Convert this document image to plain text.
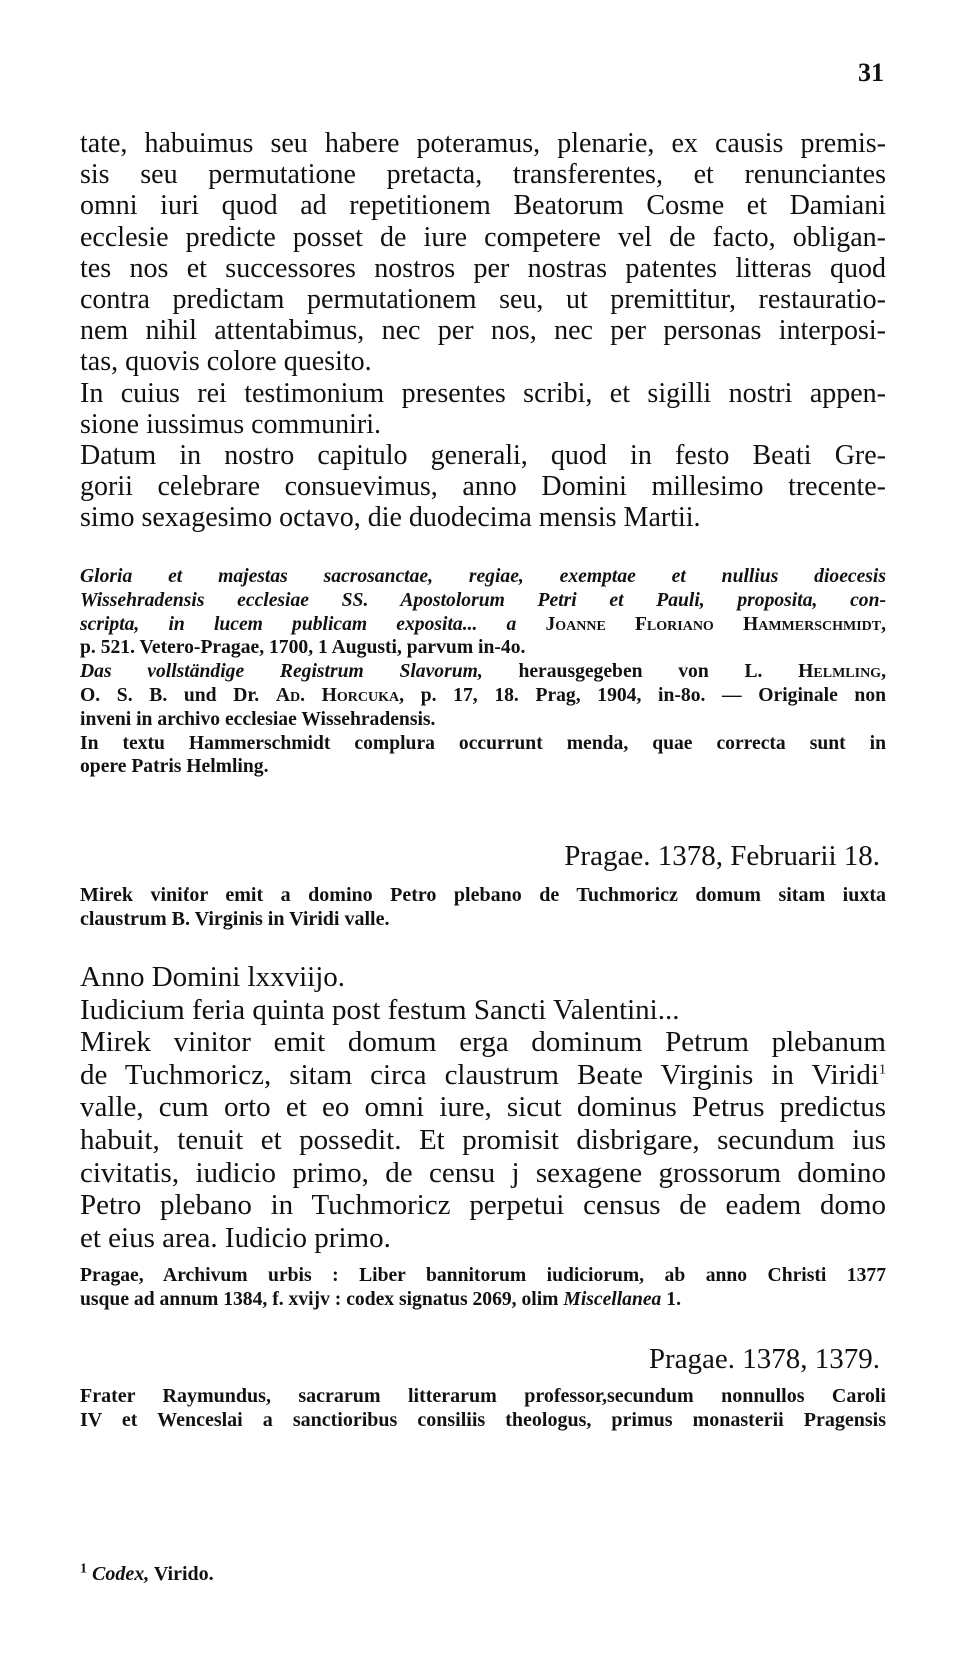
31

tate, habuimus seu habere poteramus, plenarie, ex causis premis-

sis seu permutatione pretacta, transferentes, et renunciantes

omni iuri quod ad repetitionem Beatorum Cosme et Damiani

ecclesie predicte posset de iure competere vel de facto, obligan-

tes nos et successores nostros per nostras patentes litteras quod

contra predictam permutationem seu, ut premittitur, restauratio-

nem nihil attentabimus, nec per nos, nec per personas interposi-

tas, quovis colore quesito.

In cuius rei testimonium presentes scribi, et sigilli nostri appen-

sione iussimus communiri.

Datum in nostro capitulo generali, quod in festo Beati Gre-

gorii celebrare consuevimus, anno Domini millesimo trecente-

simo sexagesimo octavo, die duodecima mensis Martii.

Gloria et majestas sacrosanctae, regiae, exemptae et nullius dioecesis

Wissehradensis ecclesiae SS. Apostolorum Petri et Pauli, proposita, con-

scripta, in lucem publicam exposita... a Joanne Floriano Hammerschmidt,

p. 521. Vetero-Pragae, 1700, 1 Augusti, parvum in-4o.

Das vollständige Registrum Slavorum, herausgegeben von L. Helmling,

O. S. B. und Dr. Ad. Horcuka, p. 17, 18. Prag, 1904, in-8o. — Originale non

inveni in archivo ecclesiae Wissehradensis.

In textu Hammerschmidt complura occurrunt menda, quae correcta sunt in

opere Patris Helmling.

Pragae. 1378, Februarii 18.

Mirek vinitor emit a domino Petro plebano de Tuchmoricz domum sitam iuxta

claustrum B. Virginis in Viridi valle.

Anno Domini lxxviijo.

Iudicium feria quinta post festum Sancti Valentini...

Mirek vinitor emit domum erga dominum Petrum plebanum

de Tuchmoricz, sitam circa claustrum Beate Virginis in Viridi$^1$

valle, cum orto et eo omni iure, sicut dominus Petrus predictus

habuit, tenuit et possedit. Et promisit disbrigare, secundum ius

civitatis, iudicio primo, de censu j sexagene grossorum domino

Petro plebano in Tuchmoricz perpetui census de eadem domo

et eius area. Iudicio primo.

Pragae, Archivum urbis : Liber bannitorum iudiciorum, ab anno Christi 1377

usque ad annum 1384, f. xvijv : codex signatus 2069, olim Miscellanea 1.

Pragae. 1378, 1379.

Frater Raymundus, sacrarum litterarum professor,secundum nonnullos Caroli

IV et Wenceslai a sanctioribus consiliis theologus, primus monasterii Pragensis

$^1$ Codex, Virido.
